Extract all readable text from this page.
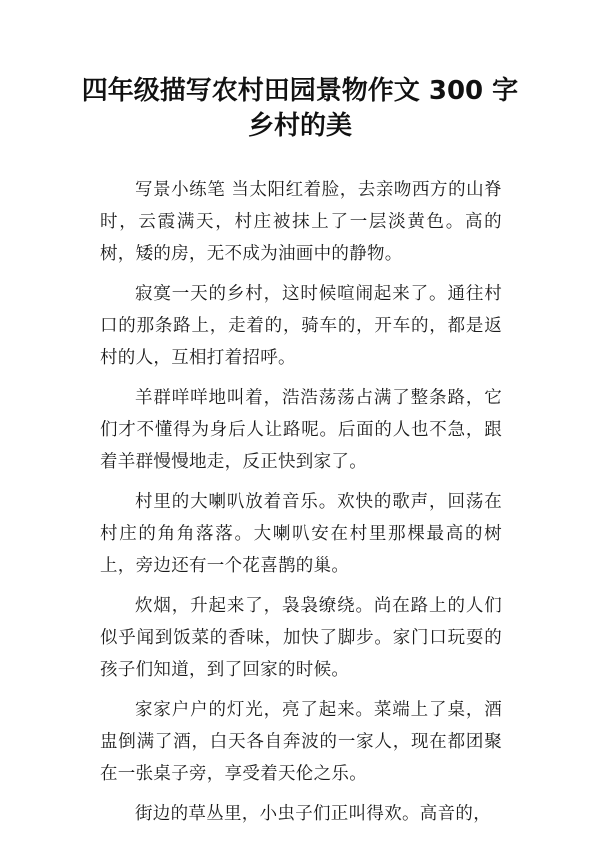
四年级描写农村田园景物作文 300 字
乡村的美

写景小练笔 当太阳红着脸，去亲吻西方的山脊时，云霞满天，村庄被抹上了一层淡黄色。高的树，矮的房，无不成为油画中的静物。

寂寞一天的乡村，这时候喧闹起来了。通往村口的那条路上，走着的，骑车的，开车的，都是返村的人，互相打着招呼。

羊群咩咩地叫着，浩浩荡荡占满了整条路，它们才不懂得为身后人让路呢。后面的人也不急，跟着羊群慢慢地走，反正快到家了。

村里的大喇叭放着音乐。欢快的歌声，回荡在村庄的角角落落。大喇叭安在村里那棵最高的树上，旁边还有一个花喜鹊的巢。

炊烟，升起来了，袅袅缭绕。尚在路上的人们似乎闻到饭菜的香味，加快了脚步。家门口玩耍的孩子们知道，到了回家的时候。

家家户户的灯光，亮了起来。菜端上了桌，酒盅倒满了酒，白天各自奔波的一家人，现在都团聚在一张桌子旁，享受着天伦之乐。

街边的草丛里，小虫子们正叫得欢。高音的，
